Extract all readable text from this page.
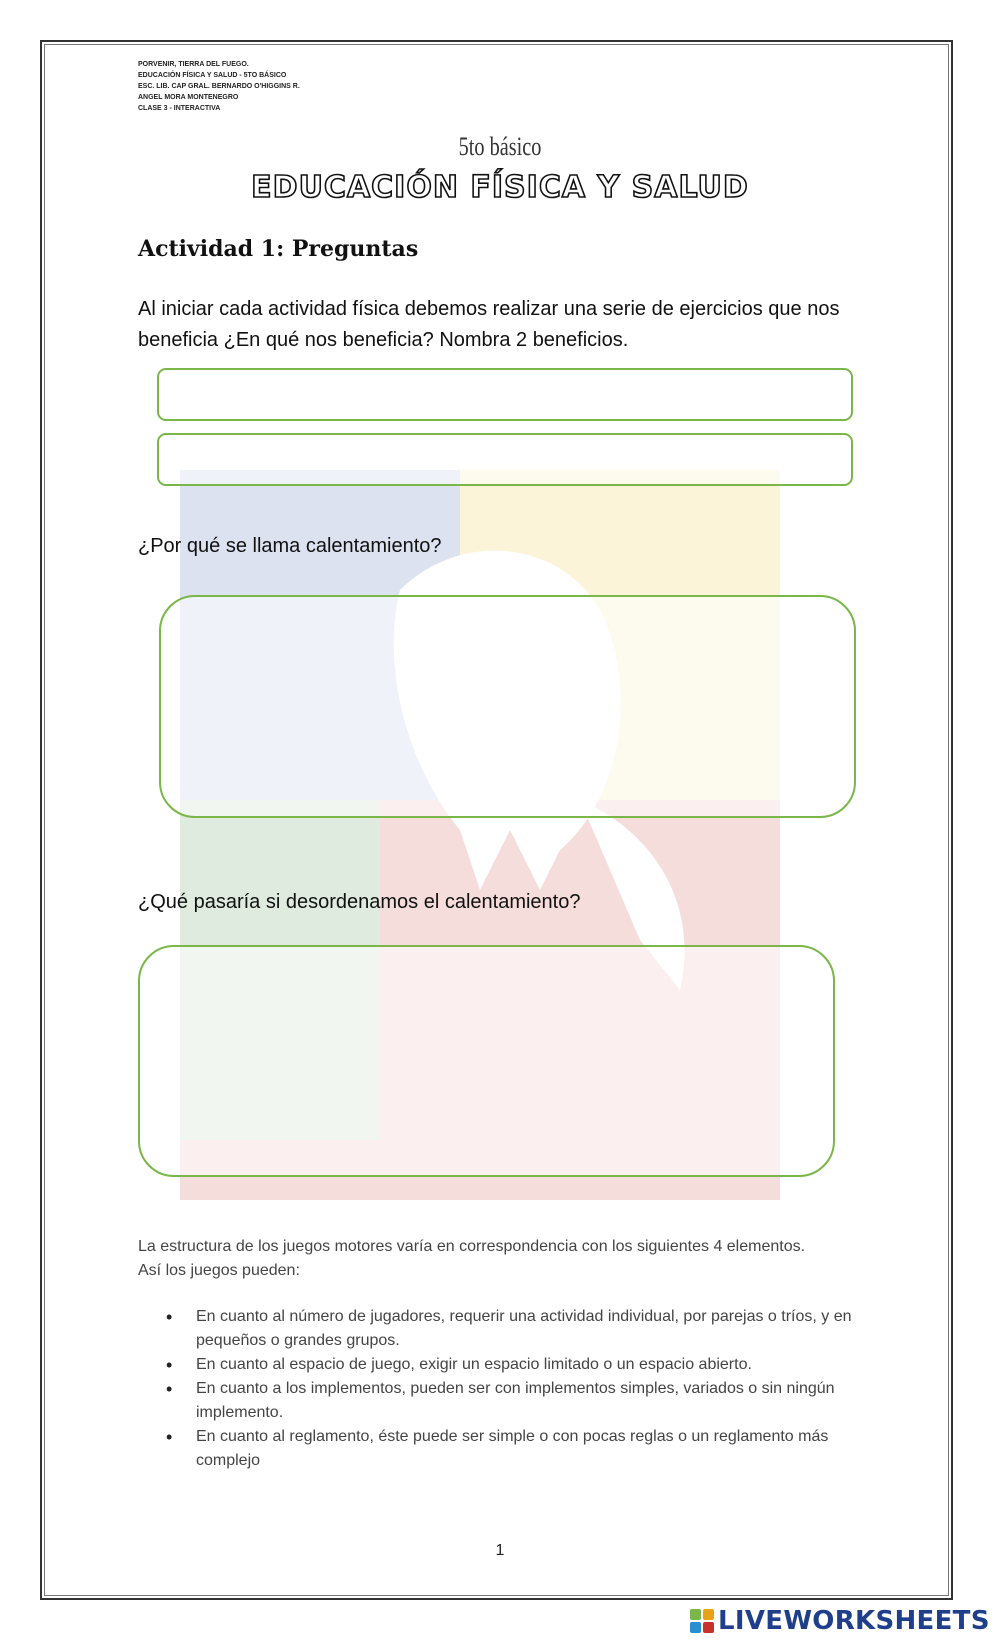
PORVENIR, TIERRA DEL FUEGO.
EDUCACIÓN FÍSICA Y SALUD - 5TO BÁSICO
ESC. LIB. CAP GRAL. BERNARDO O'HIGGINS R.
ANGEL MORA MONTENEGRO
CLASE 3 - INTERACTIVA
5to básico
EDUCACIÓN FÍSICA Y SALUD
Actividad 1: Preguntas
Al iniciar cada actividad física debemos realizar una serie de ejercicios que nos beneficia ¿En qué nos beneficia? Nombra 2 beneficios.
¿Por qué se llama calentamiento?
¿Qué pasaría si desordenamos el calentamiento?
La estructura de los juegos motores varía en correspondencia con los siguientes 4 elementos. Así los juegos pueden:
• En cuanto al número de jugadores, requerir una actividad individual, por parejas o tríos, y en pequeños o grandes grupos.
• En cuanto al espacio de juego, exigir un espacio limitado o un espacio abierto.
• En cuanto a los implementos, pueden ser con implementos simples, variados o sin ningún implemento.
• En cuanto al reglamento, éste puede ser simple o con pocas reglas o un reglamento más complejo
1
LIVEWORKSHEETS
